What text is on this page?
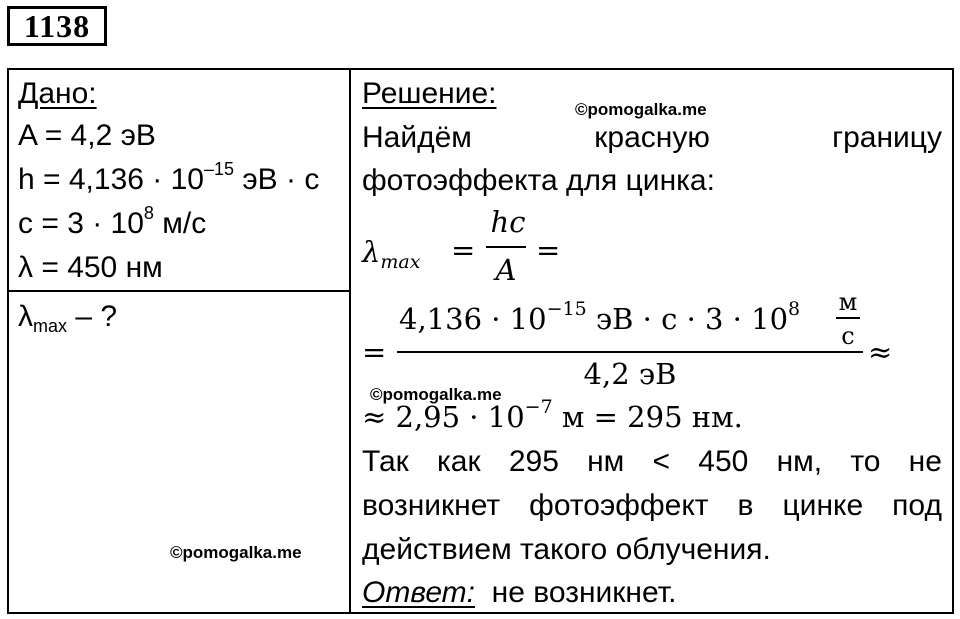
1138
Дано:
A = 4,2 эВ
$h = 4,136 \cdot 10^{-15}$ эВ · с
$с = 3 \cdot 10^8$ м/с
λ = 450 нм
$\lambda_{max}$ – ?
©pomogalka.me
©pomogalka.me
©pomogalka.me
Решение:
Найдём	красную	границу
фотоэффекта для цинка:
$\lambda_{max}$ =
hc
A
=
=
$4,136 \cdot 10^{-15}$ эВ · $с \cdot 3 \cdot 10^8$ м
с
4,2 эВ
≈
≈ $2,95 \cdot 10^{-7}$ м = 295 нм.
Так как 295 нм < 450 нм, то не
возникнет фотоэффект в цинке под
действием такого облучения.
Ответ: не возникнет.
